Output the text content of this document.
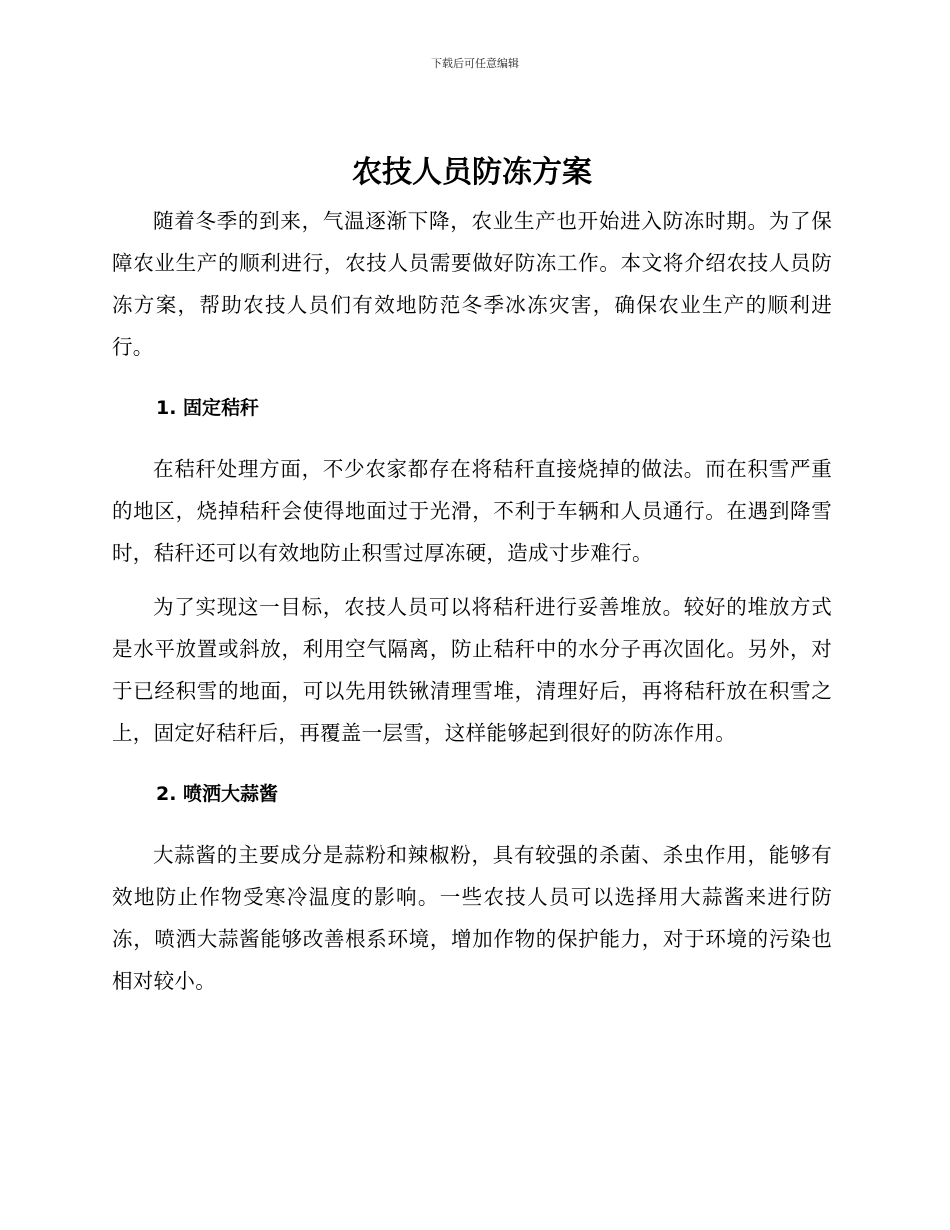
下载后可任意编辑
农技人员防冻方案

随着冬季的到来，气温逐渐下降，农业生产也开始进入防冻时期。为了保障农业生产的顺利进行，农技人员需要做好防冻工作。本文将介绍农技人员防冻方案，帮助农技人员们有效地防范冬季冰冻灾害，确保农业生产的顺利进行。

1. 固定秸秆

在秸秆处理方面，不少农家都存在将秸秆直接烧掉的做法。而在积雪严重的地区，烧掉秸秆会使得地面过于光滑，不利于车辆和人员通行。在遇到降雪时，秸秆还可以有效地防止积雪过厚冻硬，造成寸步难行。

为了实现这一目标，农技人员可以将秸秆进行妥善堆放。较好的堆放方式是水平放置或斜放，利用空气隔离，防止秸秆中的水分子再次固化。另外，对于已经积雪的地面，可以先用铁锹清理雪堆，清理好后，再将秸秆放在积雪之上，固定好秸秆后，再覆盖一层雪，这样能够起到很好的防冻作用。

2. 喷洒大蒜酱

大蒜酱的主要成分是蒜粉和辣椒粉，具有较强的杀菌、杀虫作用，能够有效地防止作物受寒冷温度的影响。一些农技人员可以选择用大蒜酱来进行防冻，喷洒大蒜酱能够改善根系环境，增加作物的保护能力，对于环境的污染也相对较小。
